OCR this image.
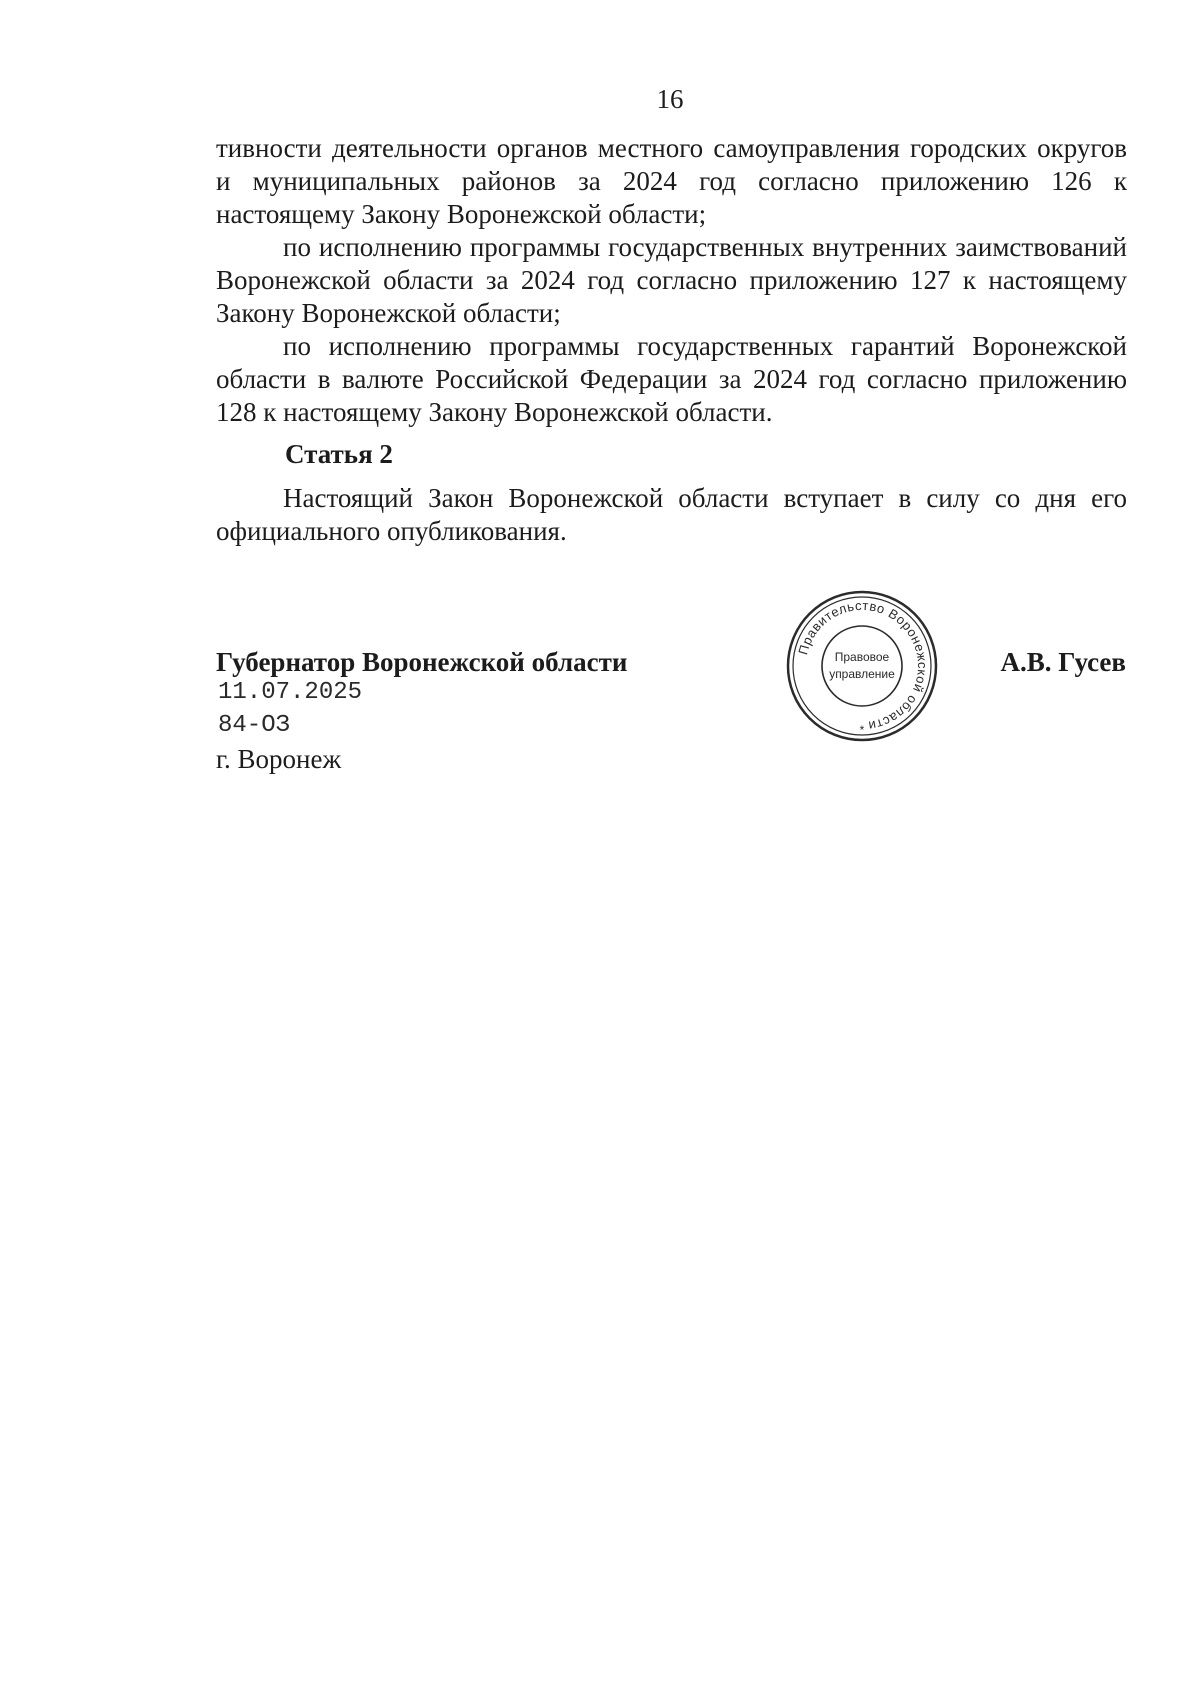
16

тивности деятельности органов местного самоуправления городских округов и муниципальных районов за 2024 год согласно приложению 126 к настоящему Закону Воронежской области;

по исполнению программы государственных внутренних заимствований Воронежской области за 2024 год согласно приложению 127 к настоящему Закону Воронежской области;

по исполнению программы государственных гарантий Воронежской области в валюте Российской Федерации за 2024 год согласно приложению 128 к настоящему Закону Воронежской области.

Статья 2

Настоящий Закон Воронежской области вступает в силу со дня его официального опубликования.

Губернатор Воронежской области	Правительство Воронежской области
Правовое
управление
*
А.В. Гусев
11.07.2025
84-ОЗ
г. Воронеж
